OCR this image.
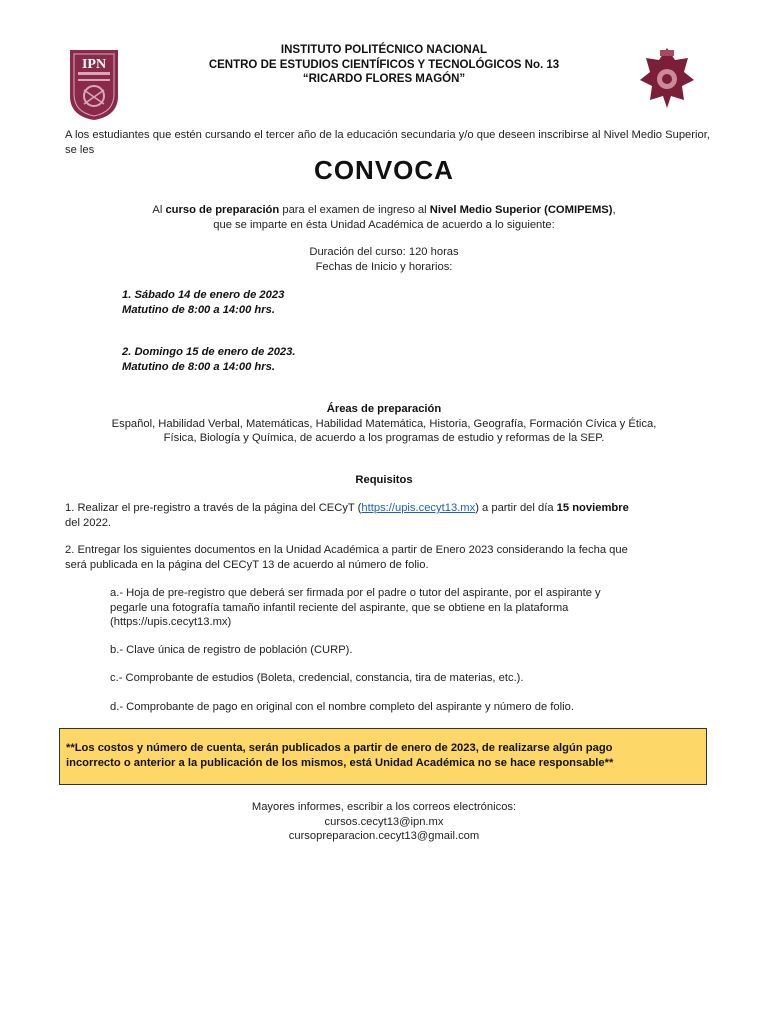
IPN
INSTITUTO POLITÉCNICO NACIONAL
CENTRO DE ESTUDIOS CIENTÍFICOS Y TECNOLÓGICOS No. 13
“RICARDO FLORES MAGÓN”
A los estudiantes que estén cursando el tercer año de la educación secundaria y/o que deseen inscribirse al Nivel Medio Superior, se les
CONVOCA
Al curso de preparación para el examen de ingreso al Nivel Medio Superior (COMIPEMS),
que se imparte en ésta Unidad Académica de acuerdo a lo siguiente:
Duración del curso: 120 horas
Fechas de Inicio y horarios:
1. Sábado 14 de enero de 2023
Matutino de 8:00 a 14:00 hrs.
2. Domingo 15 de enero de 2023.
Matutino de 8:00 a 14:00 hrs.
Áreas de preparación
Español, Habilidad Verbal, Matemáticas, Habilidad Matemática, Historia, Geografía, Formación Cívica y Ética,
Física, Biología y Química, de acuerdo a los programas de estudio y reformas de la SEP.
Requisitos
1. Realizar el pre-registro a través de la página del CECyT (https://upis.cecyt13.mx) a partir del día 15 noviembre
del 2022.
2. Entregar los siguientes documentos en la Unidad Académica a partir de Enero 2023 considerando la fecha que
será publicada en la página del CECyT 13 de acuerdo al número de folio.
a.- Hoja de pre-registro que deberá ser firmada por el padre o tutor del aspirante, por el aspirante y
pegarle una fotografía tamaño infantil reciente del aspirante, que se obtiene en la plataforma
(https://upis.cecyt13.mx)
b.- Clave única de registro de población (CURP).
c.- Comprobante de estudios (Boleta, credencial, constancia, tira de materias, etc.).
d.- Comprobante de pago en original con el nombre completo del aspirante y número de folio.
**Los costos y número de cuenta, serán publicados a partir de enero de 2023, de realizarse algún pago
incorrecto o anterior a la publicación de los mismos, está Unidad Académica no se hace responsable**
Mayores informes, escribir a los correos electrónicos:
cursos.cecyt13@ipn.mx
cursopreparacion.cecyt13@gmail.com
